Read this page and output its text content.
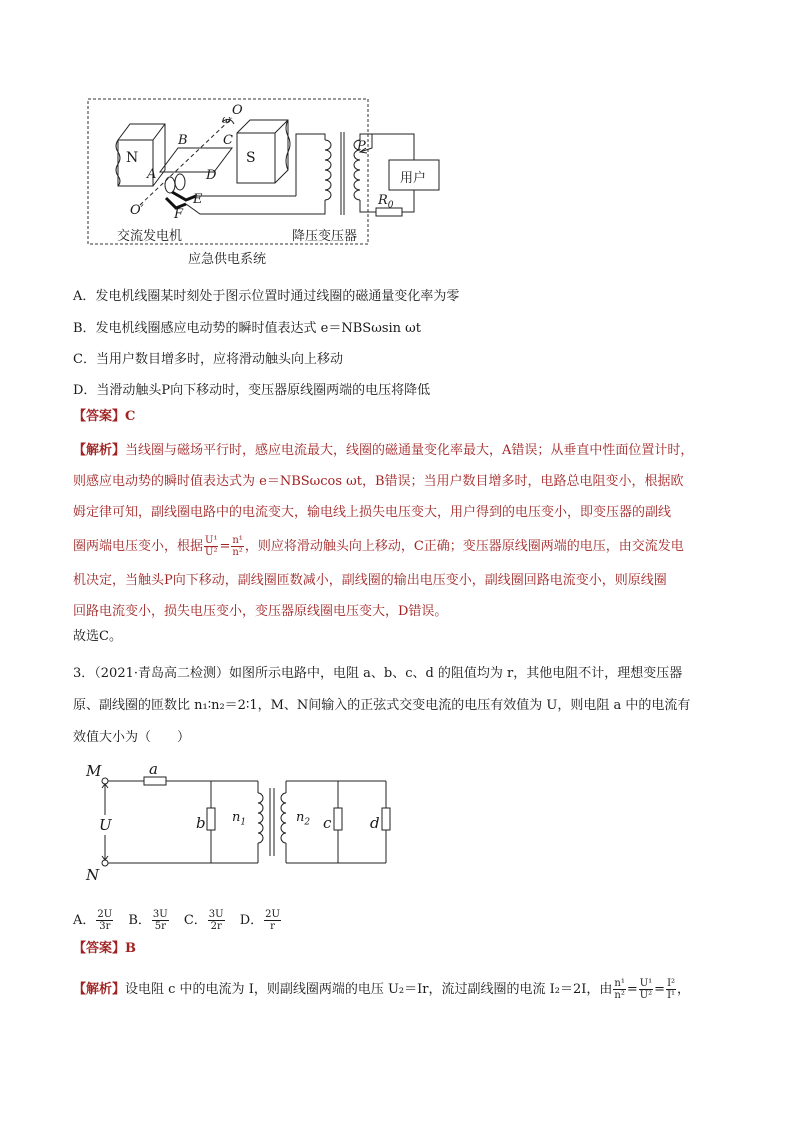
N	S
O
ω
B	C
A	D
E
F
O′
P
$R_0$
用户
交流发电机	降压变压器
应急供电系统
A．发电机线圈某时刻处于图示位置时通过线圈的磁通量变化率为零
B．发电机线圈感应电动势的瞬时值表达式 e＝NBSωsin ωt
C．当用户数目增多时，应将滑动触头向上移动
D．当滑动触头P向下移动时，变压器原线圈两端的电压将降低
【答案】C
【解析】当线圈与磁场平行时，感应电流最大，线圈的磁通量变化率最大，A错误；从垂直中性面位置计时，
则感应电动势的瞬时值表达式为 e＝NBSωcos ωt，B错误；当用户数目增多时，电路总电阻变小，根据欧
姆定律可知，副线圈电路中的电流变大，输电线上损失电压变大，用户得到的电压变小，即变压器的副线
圈两端电压变小，根据 $\frac{\text{U¹}}{\text{U²}} = \frac{\text{n¹}}{\text{n²}}$ ，则应将滑动触头向上移动，C正确；变压器原线圈两端的电压，由交流发电
机决定，当触头P向下移动，副线圈匝数减小，副线圈的输出电压变小，副线圈回路电流变小，则原线圈
回路电流变小，损失电压变小，变压器原线圈电压变大，D错误。
故选C。
3．（2021·青岛高二检测）如图所示电路中，电阻 a、b、c、d 的阻值均为 r，其他电阻不计，理想变压器
原、副线圈的匝数比 n₁∶n₂＝2∶1，M、N间输入的正弦式交变电流的电压有效值为 U，则电阻 a 中的电流有
效值大小为（　　）
M
N
U
a
b $n_1$	$n_2$ c	d
A． $\frac{2U}{3r}$ B． $\frac{3U}{5r}$ C． $\frac{3U}{2r}$ D． $\frac{2U}{r}$
【答案】B
【解析】设电阻 c 中的电流为 I，则副线圈两端的电压 U₂＝Ir，流过副线圈的电流 I₂＝2I，由 $\frac{\text{n¹}}{\text{n²}} = \frac{\text{U¹}}{\text{U²}} = \frac{\text{I²}}{\text{I¹}}$ ，
